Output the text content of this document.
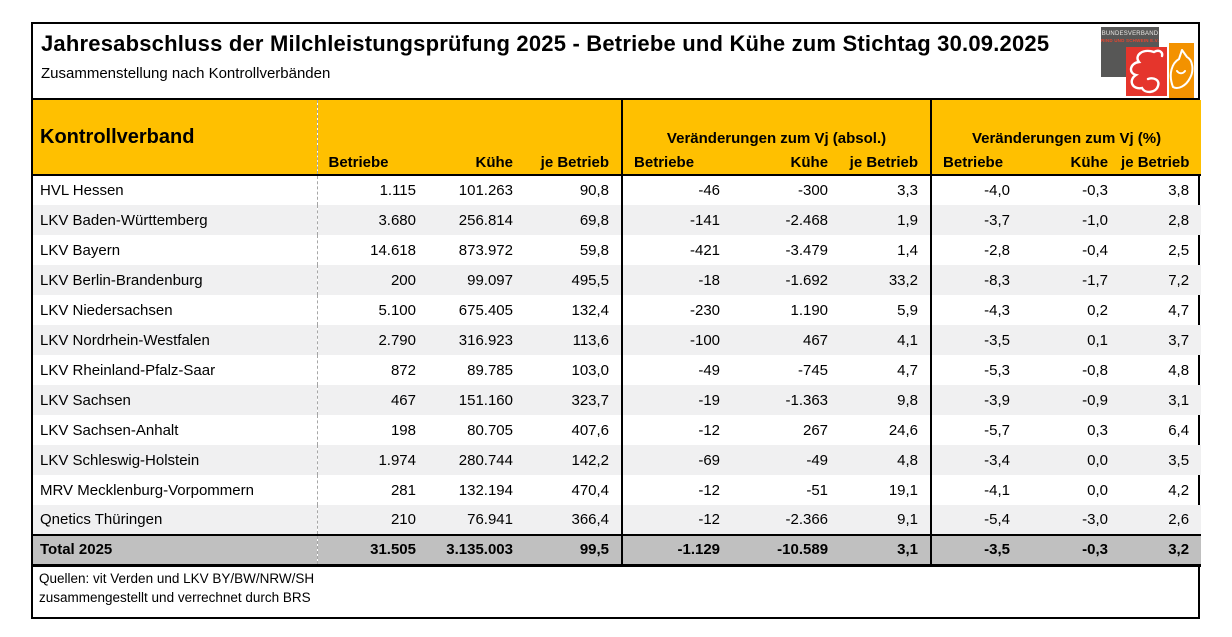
Jahresabschluss der Milchleistungsprüfung 2025 - Betriebe und Kühe zum Stichtag 30.09.2025
Zusammenstellung nach Kontrollverbänden
BUNDESVERBAND
RIND UND SCHWEIN E.V.
Kontrollverband				Veränderungen zum Vj (absol.)			Veränderungen zum Vj (%)		
	Betriebe	Kühe	je Betrieb	Betriebe	Kühe	je Betrieb	Betriebe	Kühe	je Betrieb
HVL Hessen	1.115	101.263	90,8	-46	-300	3,3	-4,0	-0,3	3,8
LKV Baden-Württemberg	3.680	256.814	69,8	-141	-2.468	1,9	-3,7	-1,0	2,8
LKV Bayern	14.618	873.972	59,8	-421	-3.479	1,4	-2,8	-0,4	2,5
LKV Berlin-Brandenburg	200	99.097	495,5	-18	-1.692	33,2	-8,3	-1,7	7,2
LKV Niedersachsen	5.100	675.405	132,4	-230	1.190	5,9	-4,3	0,2	4,7
LKV Nordrhein-Westfalen	2.790	316.923	113,6	-100	467	4,1	-3,5	0,1	3,7
LKV Rheinland-Pfalz-Saar	872	89.785	103,0	-49	-745	4,7	-5,3	-0,8	4,8
LKV Sachsen	467	151.160	323,7	-19	-1.363	9,8	-3,9	-0,9	3,1
LKV Sachsen-Anhalt	198	80.705	407,6	-12	267	24,6	-5,7	0,3	6,4
LKV Schleswig-Holstein	1.974	280.744	142,2	-69	-49	4,8	-3,4	0,0	3,5
MRV Mecklenburg-Vorpommern	281	132.194	470,4	-12	-51	19,1	-4,1	0,0	4,2
Qnetics Thüringen	210	76.941	366,4	-12	-2.366	9,1	-5,4	-3,0	2,6
Total 2025	31.505	3.135.003	99,5	-1.129	-10.589	3,1	-3,5	-0,3	3,2
Quellen: vit Verden und LKV BY/BW/NRW/SH
zusammengestellt und verrechnet durch BRS
